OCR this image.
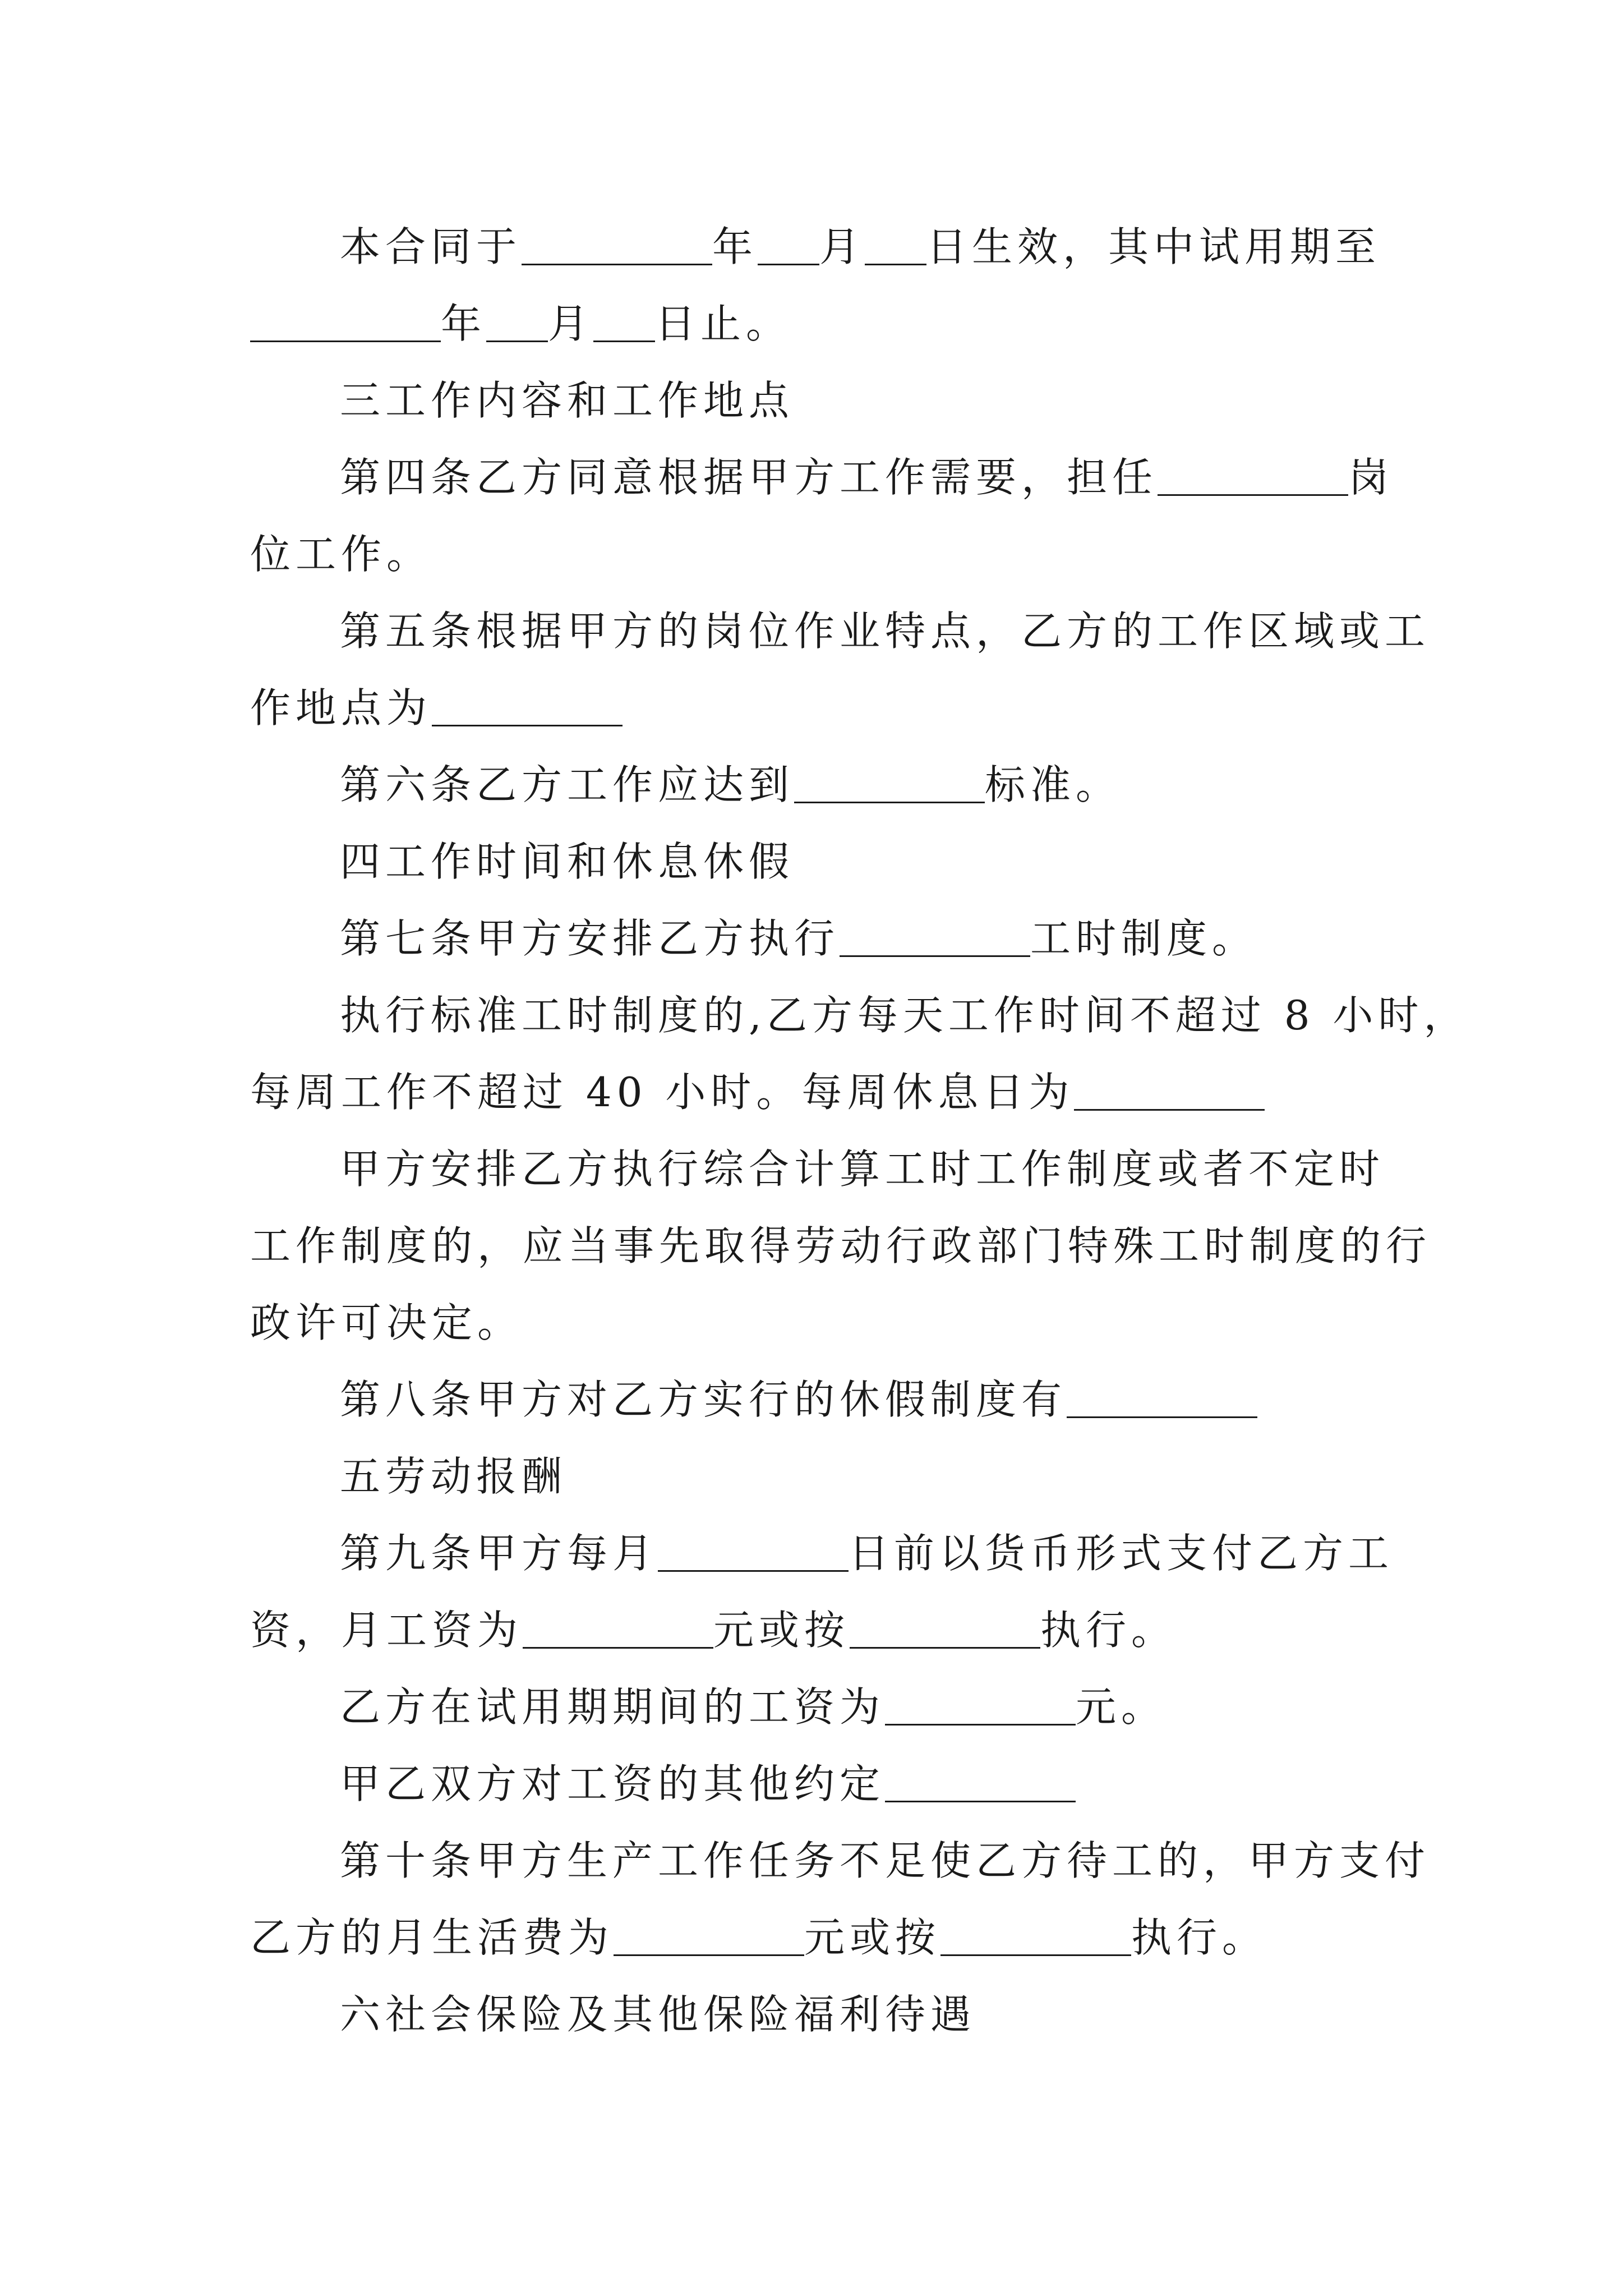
本合同于	年 月 日生效，其中试用期至
年 月 日止。
三工作内容和工作地点
第四条乙方同意根据甲方工作需要，担任	岗
位工作。
第五条根据甲方的岗位作业特点，乙方的工作区域或工
作地点为
第六条乙方工作应达到	标准。
四工作时间和休息休假
第七条甲方安排乙方执行	工时制度。
执行标准工时制度的,乙方每天工作时间不超过 8 小时，
每周工作不超过 40 小时。每周休息日为
甲方安排乙方执行综合计算工时工作制度或者不定时
工作制度的，应当事先取得劳动行政部门特殊工时制度的行
政许可决定。
第八条甲方对乙方实行的休假制度有
五劳动报酬
第九条甲方每月	日前以货币形式支付乙方工
资，月工资为	元或按	执行。
乙方在试用期期间的工资为	元。
甲乙双方对工资的其他约定
第十条甲方生产工作任务不足使乙方待工的，甲方支付
乙方的月生活费为	元或按	执行。
六社会保险及其他保险福利待遇
